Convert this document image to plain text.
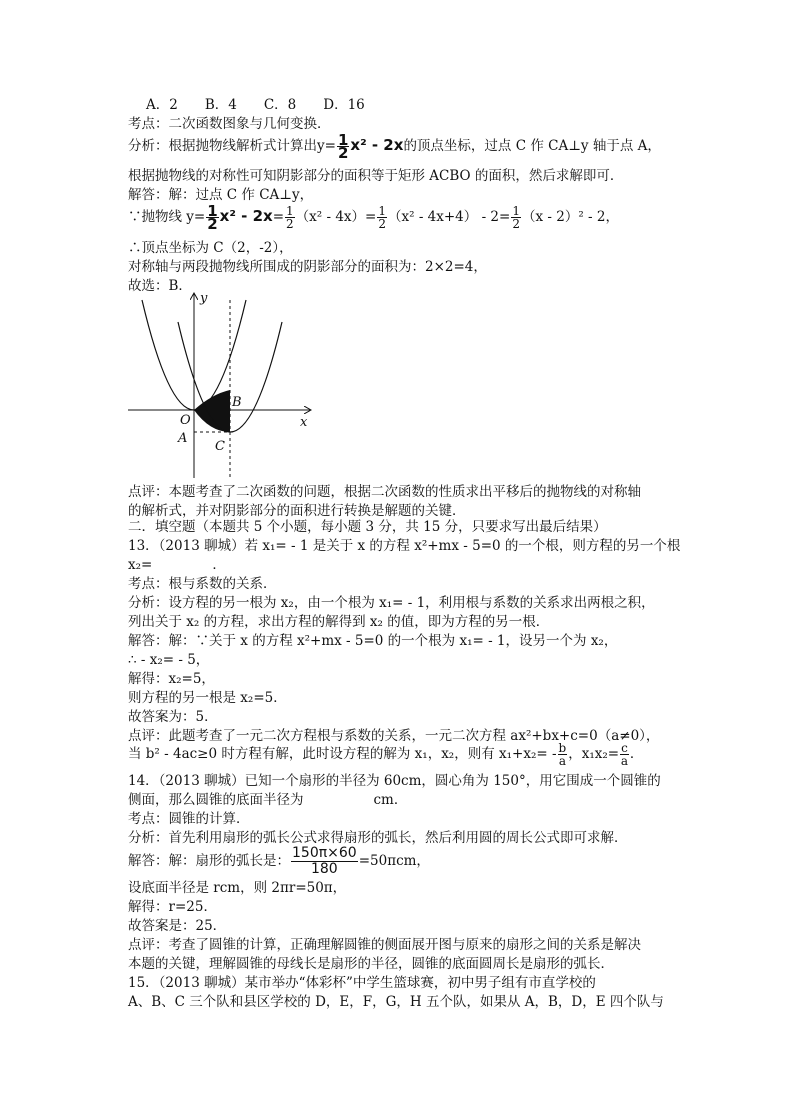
A．2　　B．4　　C．8　　D．16
考点：二次函数图象与几何变换．
分析：根据抛物线解析式计算出$y= \frac{1}{2} x^2 - 2x$的顶点坐标，过点 C 作 CA⊥y 轴于点 A，
根据抛物线的对称性可知阴影部分的面积等于矩形 ACBO 的面积，然后求解即可．
解答：解：过点 C 作 CA⊥y，
∵抛物线 $y= \frac{1}{2} x^2 - 2x= \frac{1}{2} (x^2 - 4x)= \frac{1}{2} (x^2 - 4x+4) - 2= \frac{1}{2} (x - 2)^2 - 2$，
∴顶点坐标为 C（2，-2），
对称轴与两段抛物线所围成的阴影部分的面积为：2×2=4，
故选：B．
y
x
O
A
B
C
点评：本题考查了二次函数的问题，根据二次函数的性质求出平移后的抛物线的对称轴
的解析式，并对阴影部分的面积进行转换是解题的关键．
二．填空题（本题共 5 个小题，每小题 3 分，共 15 分，只要求写出最后结果）
13．（2013 聊城）若 x₁= - 1 是关于 x 的方程 x²+mx - 5=0 的一个根，则方程的另一个根
x₂=	．
考点：根与系数的关系．
分析：设方程的另一根为 x₂，由一个根为 x₁= - 1，利用根与系数的关系求出两根之积，
列出关于 x₂ 的方程，求出方程的解得到 x₂ 的值，即为方程的另一根．
解答：解：∵关于 x 的方程 x²+mx - 5=0 的一个根为 x₁= - 1，设另一个为 x₂，
∴ - x₂= - 5，
解得：x₂=5，
则方程的另一根是 x₂=5．
故答案为：5．
点评：此题考查了一元二次方程根与系数的关系，一元二次方程 ax²+bx+c=0（a≠0），
当 b² - 4ac≥0 时方程有解，此时设方程的解为 x₁，x₂，则有 $x_1+x_2= - \frac{b}{a}$ ，$x_1x_2= \frac{c}{a}$ ．
14．（2013 聊城）已知一个扇形的半径为 60cm，圆心角为 150°，用它围成一个圆锥的
侧面，那么圆锥的底面半径为	cm．
考点：圆锥的计算．
分析：首先利用扇形的弧长公式求得扇形的弧长，然后利用圆的周长公式即可求解．
解答：解：扇形的弧长是： $\frac{150\pi\times 60}{180} =50\pi cm$，
设底面半径是 rcm，则 2πr=50π，
解得：r=25．
故答案是：25．
点评：考查了圆锥的计算，正确理解圆锥的侧面展开图与原来的扇形之间的关系是解决
本题的关键，理解圆锥的母线长是扇形的半径，圆锥的底面圆周长是扇形的弧长．
15．（2013 聊城）某市举办“体彩杯”中学生篮球赛，初中男子组有市直学校的
A、B、C 三个队和县区学校的 D，E，F，G，H 五个队，如果从 A，B，D，E 四个队与
